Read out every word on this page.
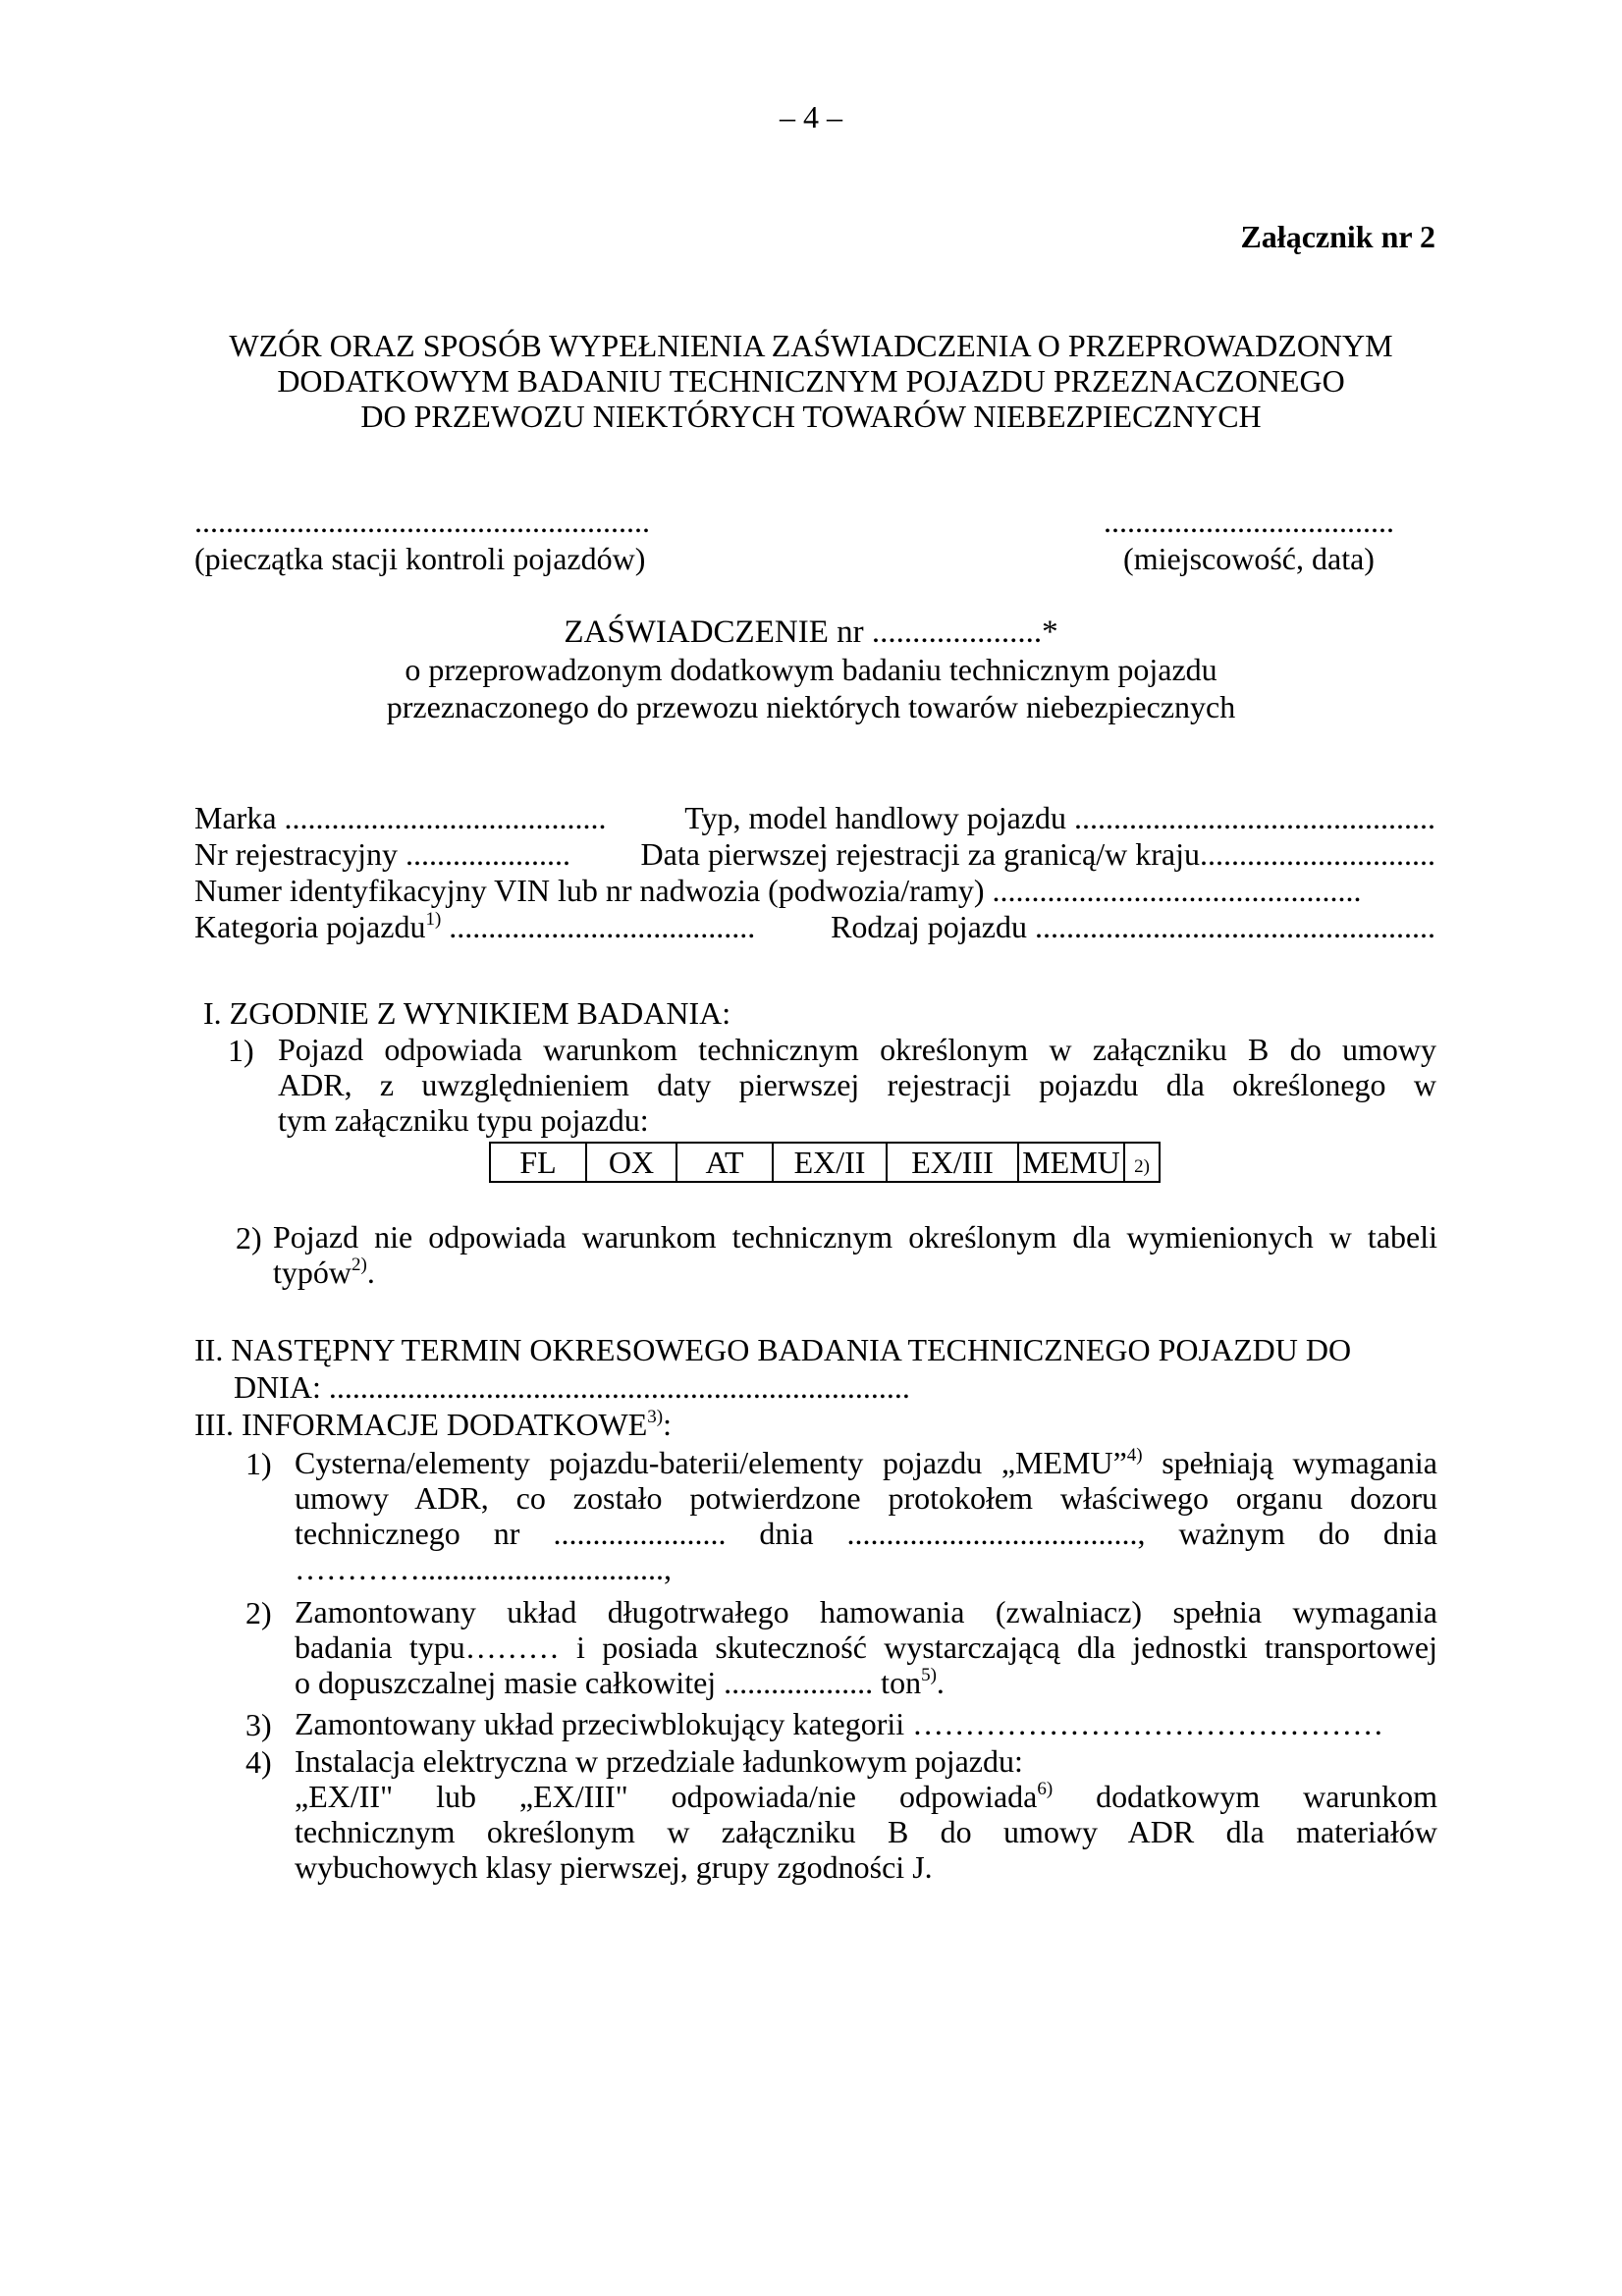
– 4 –
Załącznik nr 2
WZÓR ORAZ SPOSÓB WYPEŁNIENIA ZAŚWIADCZENIA O PRZEPROWADZONYM
DODATKOWYM BADANIU TECHNICZNYM POJAZDU PRZEZNACZONEGO
DO PRZEWOZU NIEKTÓRYCH TOWARÓW NIEBEZPIECZNYCH
..........................................................
(pieczątka stacji kontroli pojazdów)
.....................................
(miejscowość, data)
ZAŚWIADCZENIE nr .....................*
o przeprowadzonym dodatkowym badaniu technicznym pojazdu
przeznaczonego do przewozu niektórych towarów niebezpiecznych
Marka ......................................... Typ, model handlowy pojazdu ..............................................
Nr rejestracyjny ..................... Data pierwszej rejestracji za granicą/w kraju..............................
Numer identyfikacyjny VIN lub nr nadwozia (podwozia/ramy) ...............................................
Kategoria pojazdu$^{1)}$ ....................................... Rodzaj pojazdu ...................................................
I. ZGODNIE Z WYNIKIEM BADANIA:
1) Pojazd odpowiada warunkom technicznym określonym w załączniku B do umowy
ADR, z uwzględnieniem daty pierwszej rejestracji pojazdu dla określonego w
tym załączniku typu pojazdu:
FL	OX	AT	EX/II	EX/III	MEMU	2)
2) Pojazd nie odpowiada warunkom technicznym określonym dla wymienionych w tabeli
typów$^{2)}$.
II. NASTĘPNY TERMIN OKRESOWEGO BADANIA TECHNICZNEGO POJAZDU DO
DNIA: ..........................................................................
III. INFORMACJE DODATKOWE$^{3)}$:
1) Cysterna/elementy pojazdu-baterii/elementy pojazdu „MEMU”$^{4)}$ spełniają wymagania
umowy ADR, co zostało potwierdzone protokołem właściwego organu dozoru
technicznego nr ...................... dnia ....................................., ważnym do dnia
…………...............................,
2) Zamontowany układ długotrwałego hamowania (zwalniacz) spełnia wymagania
badania typu……… i posiada skuteczność wystarczającą dla jednostki transportowej
o dopuszczalnej masie całkowitej ................... ton$^{5)}$.
3) Zamontowany układ przeciwblokujący kategorii ………………………………………
4) Instalacja elektryczna w przedziale ładunkowym pojazdu:
„EX/II" lub „EX/III" odpowiada/nie odpowiada$^{6)}$ dodatkowym warunkom
technicznym określonym w załączniku B do umowy ADR dla materiałów
wybuchowych klasy pierwszej, grupy zgodności J.
